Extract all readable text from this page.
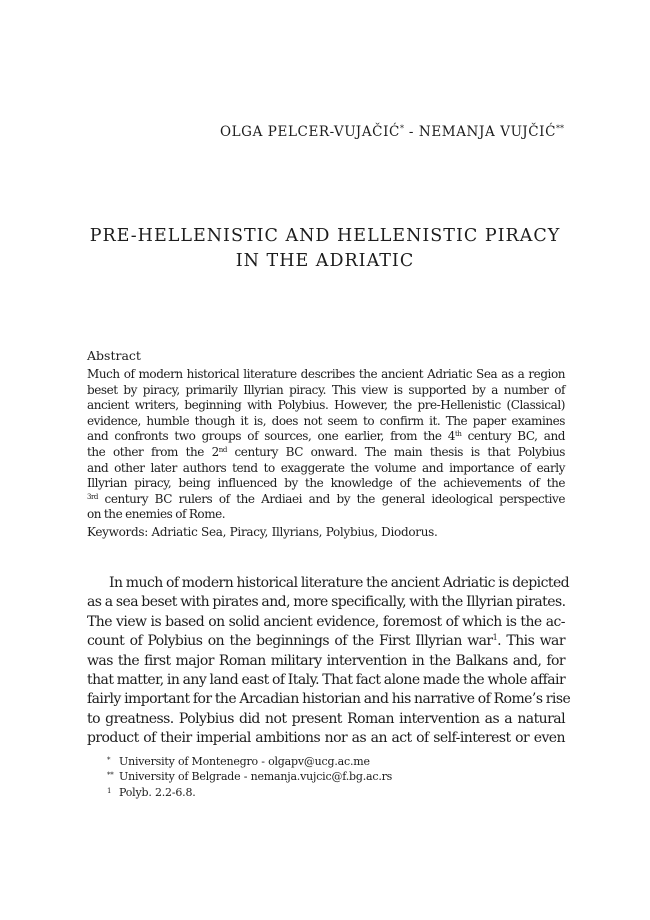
OLGA PELCER-VUJAČIĆ* - NEMANJA VUJČIĆ**
PRE-HELLENISTIC AND HELLENISTIC PIRACY
IN THE ADRIATIC
Abstract
Much of modern historical literature describes the ancient Adriatic Sea as a region
beset by piracy, primarily Illyrian piracy. This view is supported by a number of
ancient writers, beginning with Polybius. However, the pre-Hellenistic (Classical)
evidence, humble though it is, does not seem to confirm it. The paper examines
and confronts two groups of sources, one earlier, from the 4th century BC, and
the other from the 2nd century BC onward. The main thesis is that Polybius
and other later authors tend to exaggerate the volume and importance of early
Illyrian piracy, being influenced by the knowledge of the achievements of the
$^{3rd}$ century BC rulers of the Ardiaei and by the general ideological perspective
on the enemies of Rome.
Keywords: Adriatic Sea, Piracy, Illyrians, Polybius, Diodorus.
In much of modern historical literature the ancient Adriatic is depicted
as a sea beset with pirates and, more specifically, with the Illyrian pirates.
The view is based on solid ancient evidence, foremost of which is the ac-
count of Polybius on the beginnings of the First Illyrian war$^1$. This war
was the first major Roman military intervention in the Balkans and, for
that matter, in any land east of Italy. That fact alone made the whole affair
fairly important for the Arcadian historian and his narrative of Rome’s rise
to greatness. Polybius did not present Roman intervention as a natural
product of their imperial ambitions nor as an act of self-interest or even
* University of Montenegro - olgapv@ucg.ac.me
** University of Belgrade - nemanja.vujcic@f.bg.ac.rs
1 Polyb. 2.2-6.8.
